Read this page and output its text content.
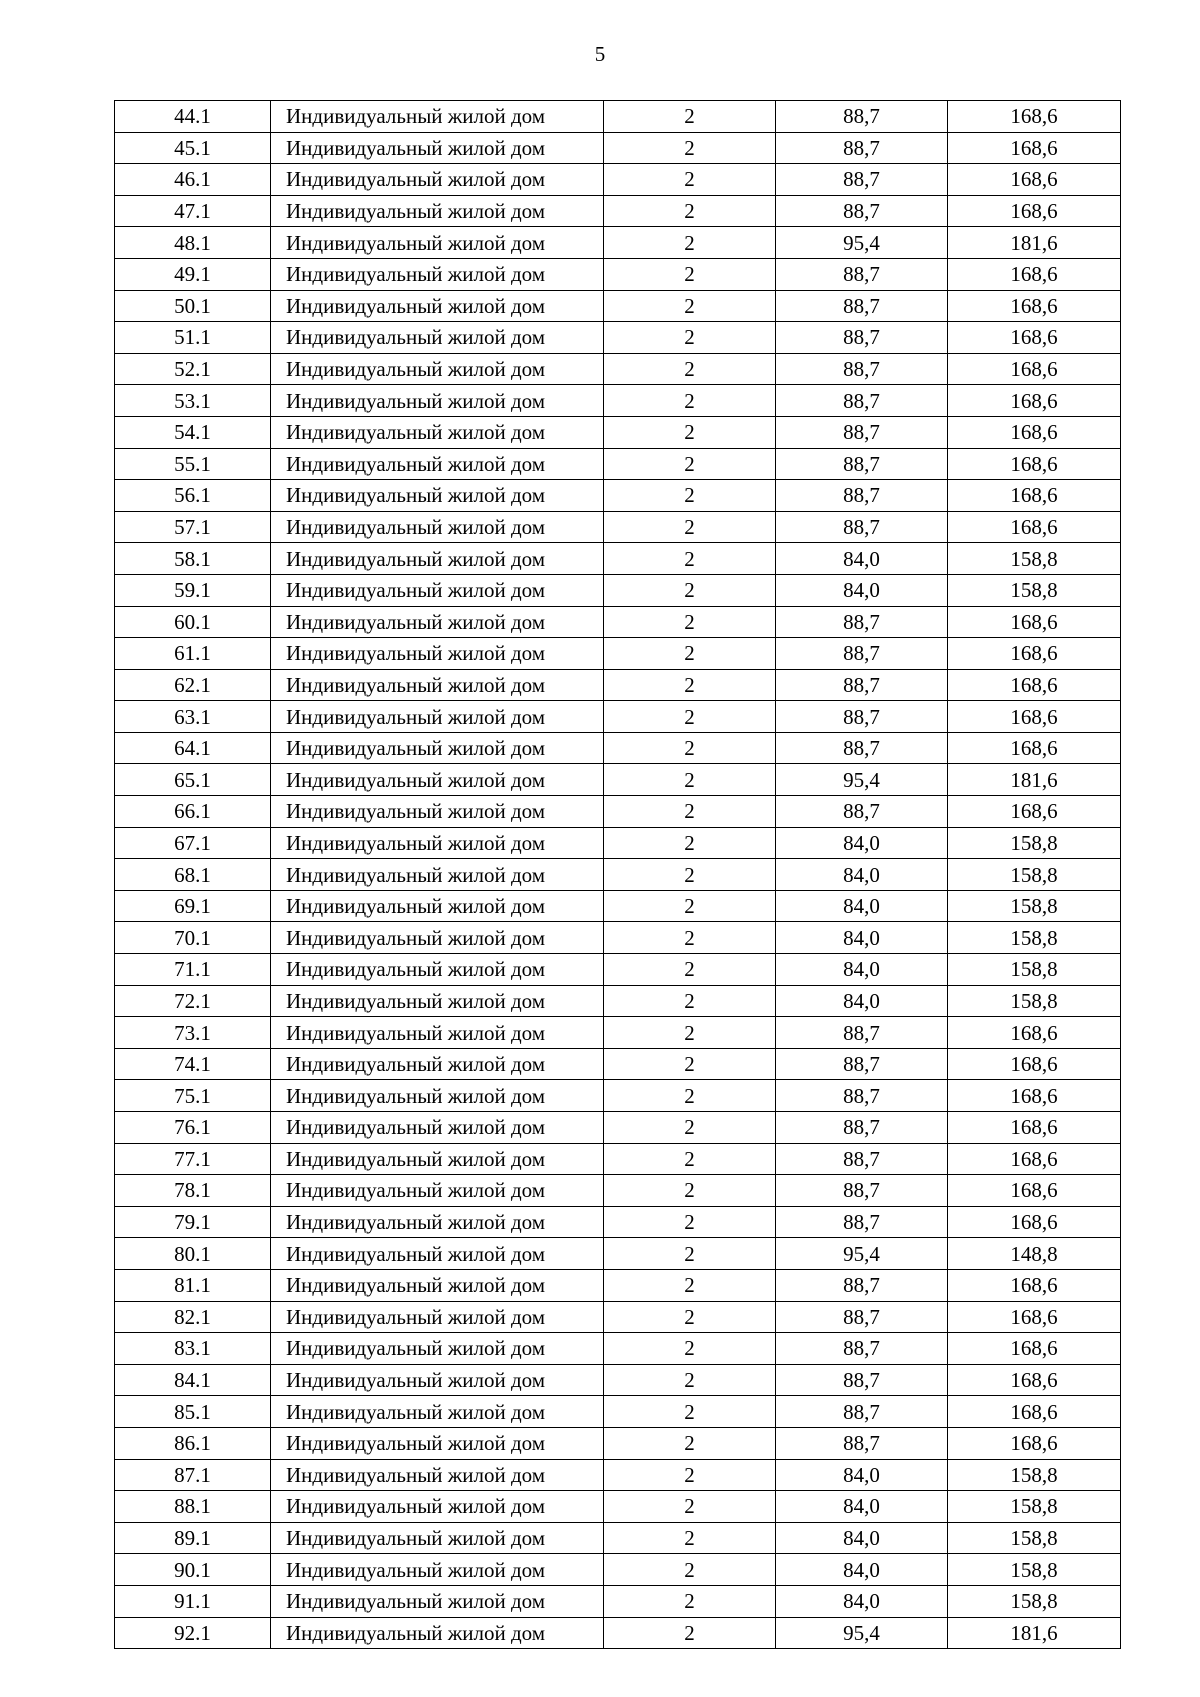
5
44.1	Индивидуальный жилой дом	2	88,7	168,6
45.1	Индивидуальный жилой дом	2	88,7	168,6
46.1	Индивидуальный жилой дом	2	88,7	168,6
47.1	Индивидуальный жилой дом	2	88,7	168,6
48.1	Индивидуальный жилой дом	2	95,4	181,6
49.1	Индивидуальный жилой дом	2	88,7	168,6
50.1	Индивидуальный жилой дом	2	88,7	168,6
51.1	Индивидуальный жилой дом	2	88,7	168,6
52.1	Индивидуальный жилой дом	2	88,7	168,6
53.1	Индивидуальный жилой дом	2	88,7	168,6
54.1	Индивидуальный жилой дом	2	88,7	168,6
55.1	Индивидуальный жилой дом	2	88,7	168,6
56.1	Индивидуальный жилой дом	2	88,7	168,6
57.1	Индивидуальный жилой дом	2	88,7	168,6
58.1	Индивидуальный жилой дом	2	84,0	158,8
59.1	Индивидуальный жилой дом	2	84,0	158,8
60.1	Индивидуальный жилой дом	2	88,7	168,6
61.1	Индивидуальный жилой дом	2	88,7	168,6
62.1	Индивидуальный жилой дом	2	88,7	168,6
63.1	Индивидуальный жилой дом	2	88,7	168,6
64.1	Индивидуальный жилой дом	2	88,7	168,6
65.1	Индивидуальный жилой дом	2	95,4	181,6
66.1	Индивидуальный жилой дом	2	88,7	168,6
67.1	Индивидуальный жилой дом	2	84,0	158,8
68.1	Индивидуальный жилой дом	2	84,0	158,8
69.1	Индивидуальный жилой дом	2	84,0	158,8
70.1	Индивидуальный жилой дом	2	84,0	158,8
71.1	Индивидуальный жилой дом	2	84,0	158,8
72.1	Индивидуальный жилой дом	2	84,0	158,8
73.1	Индивидуальный жилой дом	2	88,7	168,6
74.1	Индивидуальный жилой дом	2	88,7	168,6
75.1	Индивидуальный жилой дом	2	88,7	168,6
76.1	Индивидуальный жилой дом	2	88,7	168,6
77.1	Индивидуальный жилой дом	2	88,7	168,6
78.1	Индивидуальный жилой дом	2	88,7	168,6
79.1	Индивидуальный жилой дом	2	88,7	168,6
80.1	Индивидуальный жилой дом	2	95,4	148,8
81.1	Индивидуальный жилой дом	2	88,7	168,6
82.1	Индивидуальный жилой дом	2	88,7	168,6
83.1	Индивидуальный жилой дом	2	88,7	168,6
84.1	Индивидуальный жилой дом	2	88,7	168,6
85.1	Индивидуальный жилой дом	2	88,7	168,6
86.1	Индивидуальный жилой дом	2	88,7	168,6
87.1	Индивидуальный жилой дом	2	84,0	158,8
88.1	Индивидуальный жилой дом	2	84,0	158,8
89.1	Индивидуальный жилой дом	2	84,0	158,8
90.1	Индивидуальный жилой дом	2	84,0	158,8
91.1	Индивидуальный жилой дом	2	84,0	158,8
92.1	Индивидуальный жилой дом	2	95,4	181,6
